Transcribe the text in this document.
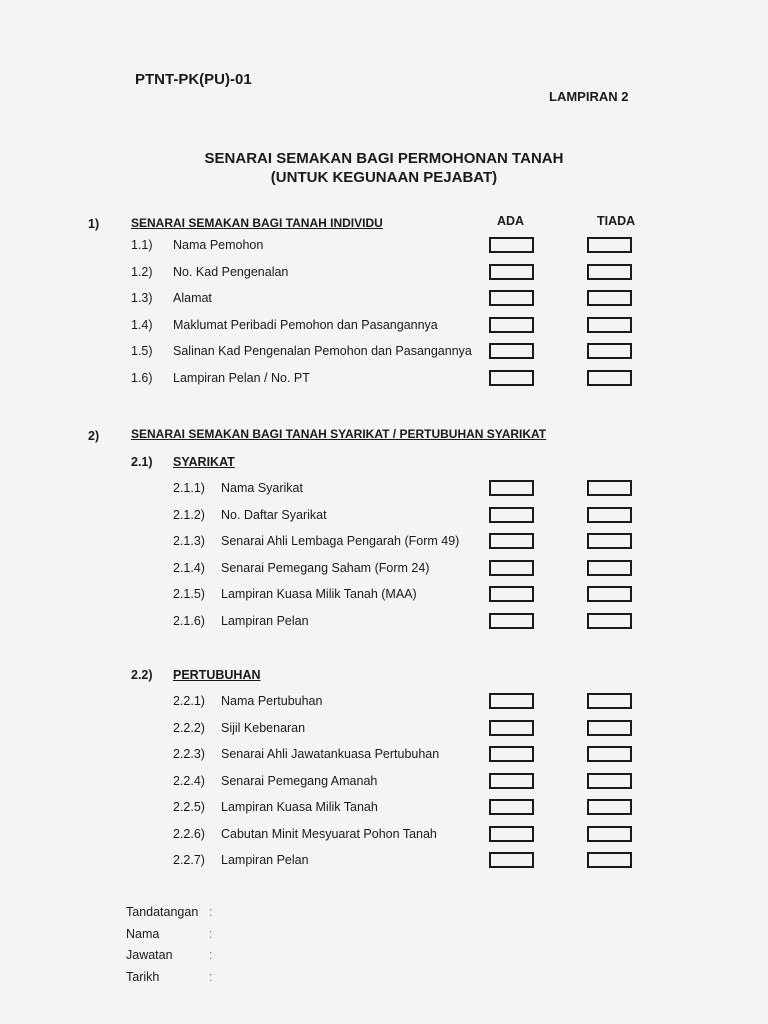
PTNT-PK(PU)-01
LAMPIRAN 2
SENARAI SEMAKAN BAGI PERMOHONAN TANAH
(UNTUK KEGUNAAN PEJABAT)
ADA	TIADA
1)	SENARAI SEMAKAN BAGI TANAH INDIVIDU
1.1) Nama Pemohon
1.2) No. Kad Pengenalan
1.3) Alamat
1.4) Maklumat Peribadi Pemohon dan Pasangannya
1.5) Salinan Kad Pengenalan Pemohon dan Pasangannya
1.6) Lampiran Pelan / No. PT
2)	SENARAI SEMAKAN BAGI TANAH SYARIKAT / PERTUBUHAN SYARIKAT
2.1) SYARIKAT
2.1.1) Nama Syarikat
2.1.2) No. Daftar Syarikat
2.1.3) Senarai Ahli Lembaga Pengarah (Form 49)
2.1.4) Senarai Pemegang Saham (Form 24)
2.1.5) Lampiran Kuasa Milik Tanah (MAA)
2.1.6) Lampiran Pelan
2.2) PERTUBUHAN
2.2.1) Nama Pertubuhan
2.2.2) Sijil Kebenaran
2.2.3) Senarai Ahli Jawatankuasa Pertubuhan
2.2.4) Senarai Pemegang Amanah
2.2.5) Lampiran Kuasa Milik Tanah
2.2.6) Cabutan Minit Mesyuarat Pohon Tanah
2.2.7) Lampiran Pelan
Tandatangan :
Nama	:
Jawatan	:
Tarikh	:
